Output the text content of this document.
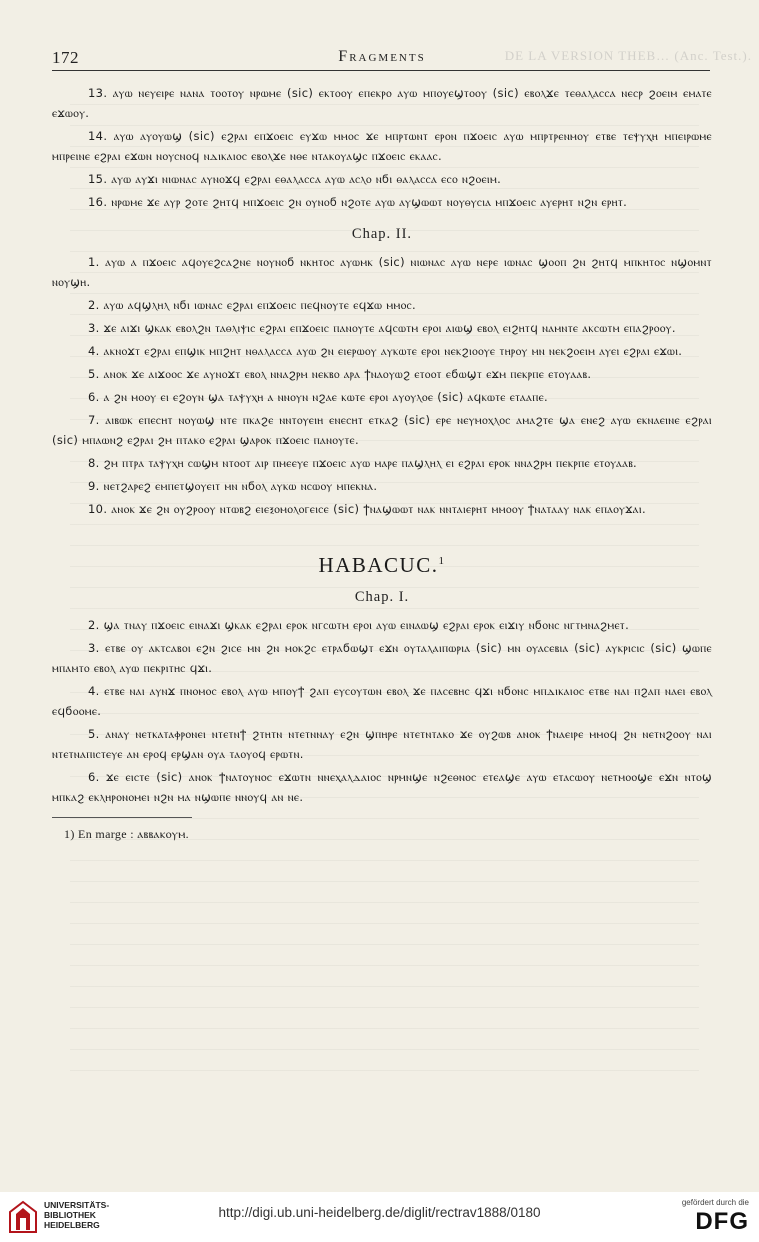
172	Fragments	DE LA VERSION THEB… (Anc. Test.).

13. ⲁⲩⲱ ⲛⲉⲩⲉⲓⲣⲉ ⲛⲁⲛⲁ ⲧⲟⲟⲧⲟⲩ ⲛⲣⲱⲙⲉ (sic) ⲉⲕⲧⲟⲟⲩ ⲉⲡⲉⲕⲣⲟ ⲁⲩⲱ ⲙⲡⲟⲩⲉϣⲧⲟⲟⲩ (sic) ⲉⲃⲟⲗϫⲉ ⲧⲉⲑⲁⲗⲁⲥⲥⲁ ⲛⲉⲥⲣ ϩⲟⲉⲓⲙ ⲉⲙⲁⲧⲉ ⲉϫⲱⲟⲩ.

14. ⲁⲩⲱ ⲁⲩⲟⲩⲱϣ (sic) ⲉϩⲣⲁⲓ ⲉⲡϫⲟⲉⲓⲥ ⲉⲩϫⲱ ⲙⲙⲟⲥ ϫⲉ ⲙⲡⲣⲧⲱⲛⲧ ⲉⲣⲟⲛ ⲡϫⲟⲉⲓⲥ ⲁⲩⲱ ⲙⲡⲣⲧⲣⲉⲛⲙⲟⲩ ⲉⲧⲃⲉ ⲧⲉⲯⲩⲭⲏ ⲙⲡⲉⲓⲣⲱⲙⲉ ⲙⲡⲣⲉⲓⲛⲉ ⲉϩⲣⲁⲓ ⲉϫⲱⲛ ⲛⲟⲩⲥⲛⲟϥ ⲛⲇⲓⲕⲁⲓⲟⲥ ⲉⲃⲟⲗϫⲉ ⲛⲑⲉ ⲛⲧⲁⲕⲟⲩⲁϣⲥ ⲡϫⲟⲉⲓⲥ ⲉⲕⲁⲁⲥ.

15. ⲁⲩⲱ ⲁⲩϫⲓ ⲛⲓⲱⲛⲁⲥ ⲁⲩⲛⲟϫϥ ⲉϩⲣⲁⲓ ⲉⲑⲁⲗⲁⲥⲥⲁ ⲁⲩⲱ ⲁⲥⲗⲟ ⲛϭⲓ ⲑⲁⲗⲁⲥⲥⲁ ⲉⲥⲟ ⲛϩⲟⲉⲓⲙ.

16. ⲛⲣⲱⲙⲉ ϫⲉ ⲁⲩⲣ ϩⲟⲧⲉ ϩⲏⲧϥ ⲙⲡϫⲟⲉⲓⲥ ϩⲛ ⲟⲩⲛⲟϭ ⲛϩⲟⲧⲉ ⲁⲩⲱ ⲁⲩϣⲱⲱⲧ ⲛⲟⲩⲑⲩⲥⲓⲁ ⲙⲡϫⲟⲉⲓⲥ ⲁⲩⲉⲣⲏⲧ ⲛϩⲛ ⲉⲣⲏⲧ.

Chap. II.

1. ⲁⲩⲱ ⲁ ⲡϫⲟⲉⲓⲥ ⲁϥⲟⲩⲉϩⲥⲁϩⲛⲉ ⲛⲟⲩⲛⲟϭ ⲛⲕⲏⲧⲟⲥ ⲁⲩⲱⲙⲕ (sic) ⲛⲓⲱⲛⲁⲥ ⲁⲩⲱ ⲛⲉⲣⲉ ⲓⲱⲛⲁⲥ ϣⲟⲟⲡ ϩⲛ ϩⲏⲧϥ ⲙⲡⲕⲏⲧⲟⲥ ⲛϣⲟⲙⲛⲧ ⲛⲟⲩϣⲏ.

2. ⲁⲩⲱ ⲁϥϣⲗⲏⲗ ⲛϭⲓ ⲓⲱⲛⲁⲥ ⲉϩⲣⲁⲓ ⲉⲡϫⲟⲉⲓⲥ ⲡⲉϥⲛⲟⲩⲧⲉ ⲉϥϫⲱ ⲙⲙⲟⲥ.

3. ϫⲉ ⲁⲓϫⲓ ϣⲕⲁⲕ ⲉⲃⲟⲗϩⲛ ⲧⲁⲑⲗⲓⲯⲓⲥ ⲉϩⲣⲁⲓ ⲉⲡϫⲟⲉⲓⲥ ⲡⲁⲛⲟⲩⲧⲉ ⲁϥⲥⲱⲧⲙ ⲉⲣⲟⲓ ⲁⲓⲱϣ ⲉⲃⲟⲗ ⲉⲓϩⲏⲧϥ ⲛⲁⲙⲛⲧⲉ ⲁⲕⲥⲱⲧⲙ ⲉⲡⲁϩⲣⲟⲟⲩ.

4. ⲁⲕⲛⲟϫⲧ ⲉϩⲣⲁⲓ ⲉⲡϣⲓⲕ ⲙⲡϩⲏⲧ ⲛⲑⲁⲗⲁⲥⲥⲁ ⲁⲩⲱ ϩⲛ ⲉⲓⲉⲣⲱⲟⲩ ⲁⲩⲕⲱⲧⲉ ⲉⲣⲟⲓ ⲛⲉⲕϩⲓⲟⲟⲩⲉ ⲧⲏⲣⲟⲩ ⲙⲛ ⲛⲉⲕϩⲟⲉⲓⲙ ⲁⲩⲉⲓ ⲉϩⲣⲁⲓ ⲉϫⲱⲓ.

5. ⲁⲛⲟⲕ ϫⲉ ⲁⲓϫⲟⲟⲥ ϫⲉ ⲁⲩⲛⲟϫⲧ ⲉⲃⲟⲗ ⲛⲛⲁϩⲣⲙ ⲛⲉⲕⲃⲟ ⲁⲣⲁ ϯⲛⲁⲟⲩⲱϩ ⲉⲧⲟⲟⲧ ⲉϭⲱϣⲧ ⲉϫⲙ ⲡⲉⲕⲣⲡⲉ ⲉⲧⲟⲩⲁⲁⲃ.

6. ⲁ ϩⲛ ⲙⲟⲟⲩ ⲉⲓ ⲉϩⲟⲩⲛ ϣⲁ ⲧⲁⲯⲩⲭⲏ ⲁ ⲛⲛⲟⲩⲛ ⲛϩⲁⲉ ⲕⲱⲧⲉ ⲉⲣⲟⲓ ⲁⲩⲟⲩⲗⲟⲉ (sic) ⲁϥⲕⲱⲧⲉ ⲉⲧⲁⲁⲡⲉ.

7. ⲁⲓⲃⲱⲕ ⲉⲡⲉⲥⲏⲧ ⲛⲟⲩⲱϣ ⲛⲧⲉ ⲡⲕⲁϩⲉ ⲛⲛⲧⲟⲩⲉⲓⲏ ⲉⲛⲉⲥⲏⲧ ⲉⲧⲕⲁϩ (sic) ⲉⲣⲉ ⲛⲉⲩⲙⲟⲭⲗⲟⲥ ⲁⲙⲁϩⲧⲉ ϣⲁ ⲉⲛⲉϩ ⲁⲩⲱ ⲉⲕⲛⲁⲉⲓⲛⲉ ⲉϩⲣⲁⲓ (sic) ⲙⲡⲁⲱⲛϩ ⲉϩⲣⲁⲓ ϩⲙ ⲡⲧⲁⲕⲟ ⲉϩⲣⲁⲓ ϣⲁⲣⲟⲕ ⲡϫⲟⲉⲓⲥ ⲡⲁⲛⲟⲩⲧⲉ.

8. ϩⲙ ⲡⲧⲣⲁ ⲧⲁⲯⲩⲭⲏ ⲥⲱϣⲙ ⲛⲧⲟⲟⲧ ⲁⲓⲣ ⲡⲙⲉⲉⲩⲉ ⲡϫⲟⲉⲓⲥ ⲁⲩⲱ ⲙⲁⲣⲉ ⲡⲁϣⲗⲏⲗ ⲉⲓ ⲉϩⲣⲁⲓ ⲉⲣⲟⲕ ⲛⲛⲁϩⲣⲙ ⲡⲉⲕⲣⲡⲉ ⲉⲧⲟⲩⲁⲁⲃ.

9. ⲛⲉⲧϩⲁⲣⲉϩ ⲉⲙⲡⲉⲧϣⲟⲩⲉⲓⲧ ⲙⲛ ⲛϭⲟⲗ ⲁⲩⲕⲱ ⲛⲥⲱⲟⲩ ⲙⲡⲉⲕⲛⲁ.

10. ⲁⲛⲟⲕ ϫⲉ ϩⲛ ⲟⲩϩⲣⲟⲟⲩ ⲛⲧⲱⲃϩ ⲉⲓⲉⲝⲟⲙⲟⲗⲟⲅⲉⲓⲥⲉ (sic) ϯⲛⲁϣⲱⲱⲧ ⲛⲁⲕ ⲛⲛⲧⲁⲓⲉⲣⲏⲧ ⲙⲙⲟⲟⲩ ϯⲛⲁⲧⲁⲁⲩ ⲛⲁⲕ ⲉⲡⲁⲟⲩϫⲁⲓ.

HABACUC.$^1$
Chap. I.

2. ϣⲁ ⲧⲛⲁⲩ ⲡϫⲟⲉⲓⲥ ⲉⲓⲛⲁϫⲓ ϣⲕⲁⲕ ⲉϩⲣⲁⲓ ⲉⲣⲟⲕ ⲛⲅⲥⲱⲧⲙ ⲉⲣⲟⲓ ⲁⲩⲱ ⲉⲓⲛⲁⲱϣ ⲉϩⲣⲁⲓ ⲉⲣⲟⲕ ⲉⲓϫⲓⲩ ⲛϭⲟⲛⲥ ⲛⲅⲧⲙⲛⲁϩⲙⲉⲧ.

3. ⲉⲧⲃⲉ ⲟⲩ ⲁⲕⲧⲥⲁⲃⲟⲓ ⲉϩⲛ ϩⲓⲥⲉ ⲙⲛ ϩⲛ ⲙⲟⲕϩⲥ ⲉⲧⲣⲁϭⲱϣⲧ ⲉϫⲛ ⲟⲩⲧⲁⲗⲁⲓⲡⲱⲣⲓⲁ (sic) ⲙⲛ ⲟⲩⲁⲥⲉⲃⲓⲁ (sic) ⲁⲩⲕⲣⲓⲥⲓⲥ (sic) ϣⲱⲡⲉ ⲙⲡⲁⲙⲧⲟ ⲉⲃⲟⲗ ⲁⲩⲱ ⲡⲉⲕⲣⲓⲧⲏⲥ ϥϫⲓ.

4. ⲉⲧⲃⲉ ⲛⲁⲓ ⲁⲩⲛϫ ⲡⲛⲟⲙⲟⲥ ⲉⲃⲟⲗ ⲁⲩⲱ ⲙⲡⲟⲩϯ ϩⲁⲡ ⲉⲩⲥⲟⲩⲧⲱⲛ ⲉⲃⲟⲗ ϫⲉ ⲡⲁⲥⲉⲃⲏⲥ ϥϫⲓ ⲛϭⲟⲛⲥ ⲙⲡⲇⲓⲕⲁⲓⲟⲥ ⲉⲧⲃⲉ ⲛⲁⲓ ⲡϩⲁⲡ ⲛⲁⲉⲓ ⲉⲃⲟⲗ ⲉϥϭⲟⲟⲙⲉ.

5. ⲁⲛⲁⲩ ⲛⲉⲧⲕⲁⲧⲁⲫⲣⲟⲛⲉⲓ ⲛⲧⲉⲧⲛϯ ϩⲧⲏⲧⲛ ⲛⲧⲉⲧⲛⲛⲁⲩ ⲉϩⲛ ϣⲡⲏⲣⲉ ⲛⲧⲉⲧⲛⲧⲁⲕⲟ ϫⲉ ⲟⲩϩⲱⲃ ⲁⲛⲟⲕ ϯⲛⲁⲉⲓⲣⲉ ⲙⲙⲟϥ ϩⲛ ⲛⲉⲧⲛϩⲟⲟⲩ ⲛⲁⲓ ⲛⲧⲉⲧⲛⲁⲡⲓⲥⲧⲉⲩⲉ ⲁⲛ ⲉⲣⲟϥ ⲉⲣϣⲁⲛ ⲟⲩⲁ ⲧⲁⲟⲩⲟϥ ⲉⲣⲱⲧⲛ.

6. ϫⲉ ⲉⲓⲥⲧⲉ (sic) ⲁⲛⲟⲕ ϯⲛⲁⲧⲟⲩⲛⲟⲥ ⲉϫⲱⲧⲛ ⲛⲛⲉⲭⲁⲗⲇⲁⲓⲟⲥ ⲛⲣⲙⲛϣⲉ ⲛϩⲉⲑⲛⲟⲥ ⲉⲧⲉⲁϣⲉ ⲁⲩⲱ ⲉⲧⲁⲥⲱⲟⲩ ⲛⲉⲧⲙⲟⲟϣⲉ ⲉϫⲛ ⲛⲧⲟϣ ⲙⲡⲕⲁϩ ⲉⲕⲗⲏⲣⲟⲛⲟⲙⲉⲓ ⲛϩⲛ ⲙⲁ ⲛϣⲱⲡⲉ ⲛⲛⲟⲩϥ ⲁⲛ ⲛⲉ.

1) En marge : ⲁⲃⲃⲁⲕⲟⲩⲙ.
UNIVERSITÄTS-
BIBLIOTHEK
HEIDELBERG
http://digi.ub.uni-heidelberg.de/diglit/rectrav1888/0180
gefördert durch die
DFG
